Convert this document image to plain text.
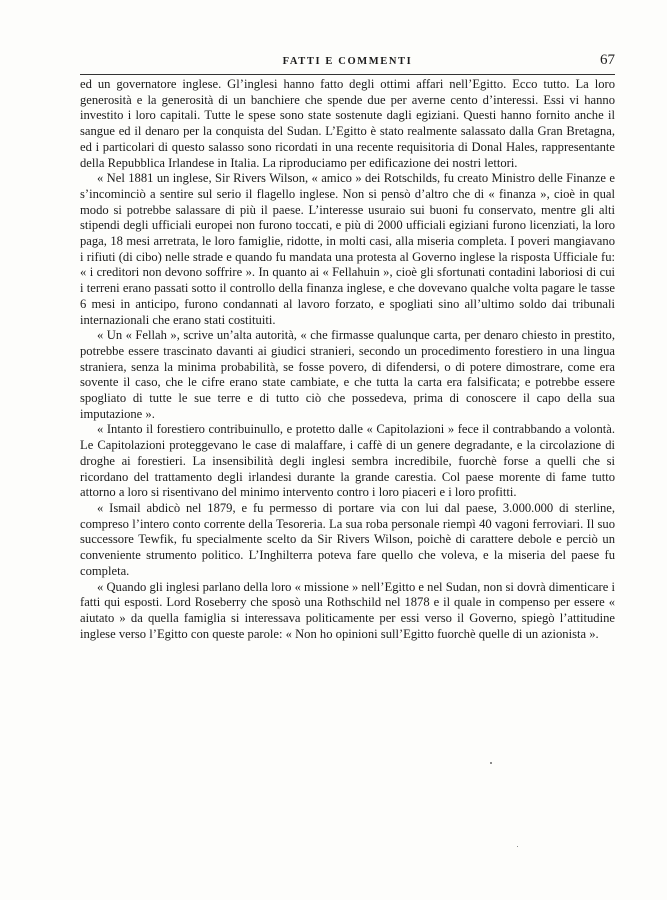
FATTI E COMMENTI	67

ed un governatore inglese. Gl’inglesi hanno fatto degli ottimi affari nell’Egitto. Ecco tutto. La loro generosità e la generosità di un banchiere che spende due per averne cento d’interessi. Essi vi hanno investito i loro capitali. Tutte le spese sono state sostenute dagli egiziani. Questi hanno fornito anche il sangue ed il denaro per la conquista del Sudan. L’Egitto è stato realmente salassato dalla Gran Bretagna, ed i particolari di questo salasso sono ricordati in una recente requisitoria di Donal Hales, rappresentante della Repubblica Irlandese in Italia. La riproduciamo per edificazione dei nostri lettori.

« Nel 1881 un inglese, Sir Rivers Wilson, « amico » dei Rotschilds, fu creato Ministro delle Finanze e s’incominciò a sentire sul serio il flagello inglese. Non si pensò d’altro che di « finanza », cioè in qual modo si potrebbe salassare di più il paese. L’interesse usuraio sui buoni fu conservato, mentre gli alti stipendi degli ufficiali europei non furono toccati, e più di 2000 ufficiali egiziani furono licenziati, la loro paga, 18 mesi arretrata, le loro famiglie, ridotte, in molti casi, alla miseria completa. I poveri mangiavano i rifiuti (di cibo) nelle strade e quando fu mandata una protesta al Governo inglese la risposta Ufficiale fu: « i creditori non devono soffrire ». In quanto ai « Fellahuin », cioè gli sfortunati contadini laboriosi di cui i terreni erano passati sotto il controllo della finanza inglese, e che dovevano qualche volta pagare le tasse 6 mesi in anticipo, furono condannati al lavoro forzato, e spogliati sino all’ultimo soldo dai tribunali internazionali che erano stati costituiti.

« Un « Fellah », scrive un’alta autorità, « che firmasse qualunque carta, per denaro chiesto in prestito, potrebbe essere trascinato davanti ai giudici stranieri, secondo un procedimento forestiero in una lingua straniera, senza la minima probabilità, se fosse povero, di difendersi, o di potere dimostrare, come era sovente il caso, che le cifre erano state cambiate, e che tutta la carta era falsificata; e potrebbe essere spogliato di tutte le sue terre e di tutto ciò che possedeva, prima di conoscere il capo della sua imputazione ».

« Intanto il forestiero contribuinullo, e protetto dalle « Capitolazioni » fece il contrabbando a volontà. Le Capitolazioni proteggevano le case di malaffare, i caffè di un genere degradante, e la circolazione di droghe ai forestieri. La insensibilità degli inglesi sembra incredibile, fuorchè forse a quelli che si ricordano del trattamento degli irlandesi durante la grande carestia. Col paese morente di fame tutto attorno a loro si risentivano del minimo intervento contro i loro piaceri e i loro profitti.

« Ismail abdicò nel 1879, e fu permesso di portare via con lui dal paese, 3.000.000 di sterline, compreso l’intero conto corrente della Tesoreria. La sua roba personale riempì 40 vagoni ferroviari. Il suo successore Tewfik, fu specialmente scelto da Sir Rivers Wilson, poichè di carattere debole e perciò un conveniente strumento politico. L’Inghilterra poteva fare quello che voleva, e la miseria del paese fu completa.

« Quando gli inglesi parlano della loro « missione » nell’Egitto e nel Sudan, non si dovrà dimenticare i fatti qui esposti. Lord Roseberry che sposò una Rothschild nel 1878 e il quale in compenso per essere « aiutato » da quella famiglia si interessava politicamente per essi verso il Governo, spiegò l’attitudine inglese verso l’Egitto con queste parole: « Non ho opinioni sull’Egitto fuorchè quelle di un azionista ».
